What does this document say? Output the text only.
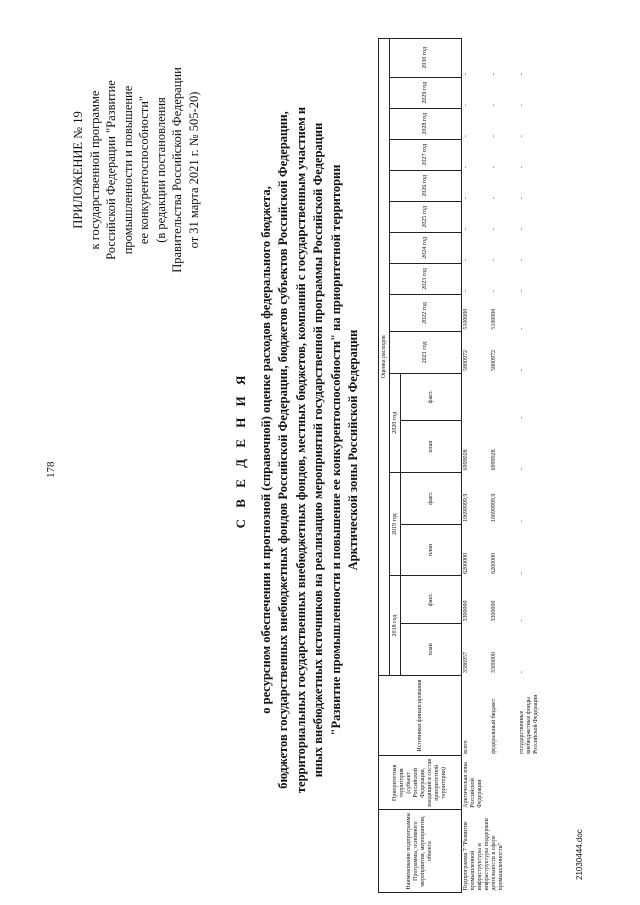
178
ПРИЛОЖЕНИЕ № 19 к государственной программе Российской Федерации "Развитие промышленности и повышение ее конкурентоспособности" (в редакции постановления Правительства Российской Федерации от 31 марта 2021 г. № 505-20)
С В Е Д Е Н И Я о ресурсном обеспечении и прогнозной (справочной) оценке расходов федерального бюджета, бюджетов государственных внебюджетных фондов Российской Федерации, бюджетов субъектов Российской Федерации, территориальных государственных внебюджетных фондов, местных бюджетов, компаний с государственным участием и иных внебюджетных источников на реализацию мероприятий государственной программы Российской Федерации "Развитие промышленности и повышение ее конкурентоспособности" на приоритетной территории Арктической зоны Российской Федерации
Наименование подпрограммы Программы, основного мероприятия, мероприятия, объекта	Приоритетная территория (субъект Российской Федерации, входящий в состав приоритетной территории)	Источники финансирования	Оценка расходов															
			2018 год		2019 год		2020 год		2021 год	2022 год	2023 год	2024 год	2025 год	2026 год	2027 год	2028 год	2029 год	2030 год
			план	факт.	план	факт.	план	факт.										
Подпрограмма 7 "Развитие промышленной инфраструктуры и инфраструктуры поддержки деятельности в сфере промышленности"	Арктическая зона Российской Федерации	всего	3586957	3300000	6200000	10699999,9	6999028		5800972	5100000	-	-	-	-	-	-	-	-
		федеральный бюджет	3300000	3300000	6200000	10699999,9	6999028		5800972	5100000	-	-	-	-	-	-	-	-
		государственные внебюджетные фонды Российской Федерации	-	-	-	-	-	-	-	-	-	-	-	-	-	-	-	-
21030444.doc
